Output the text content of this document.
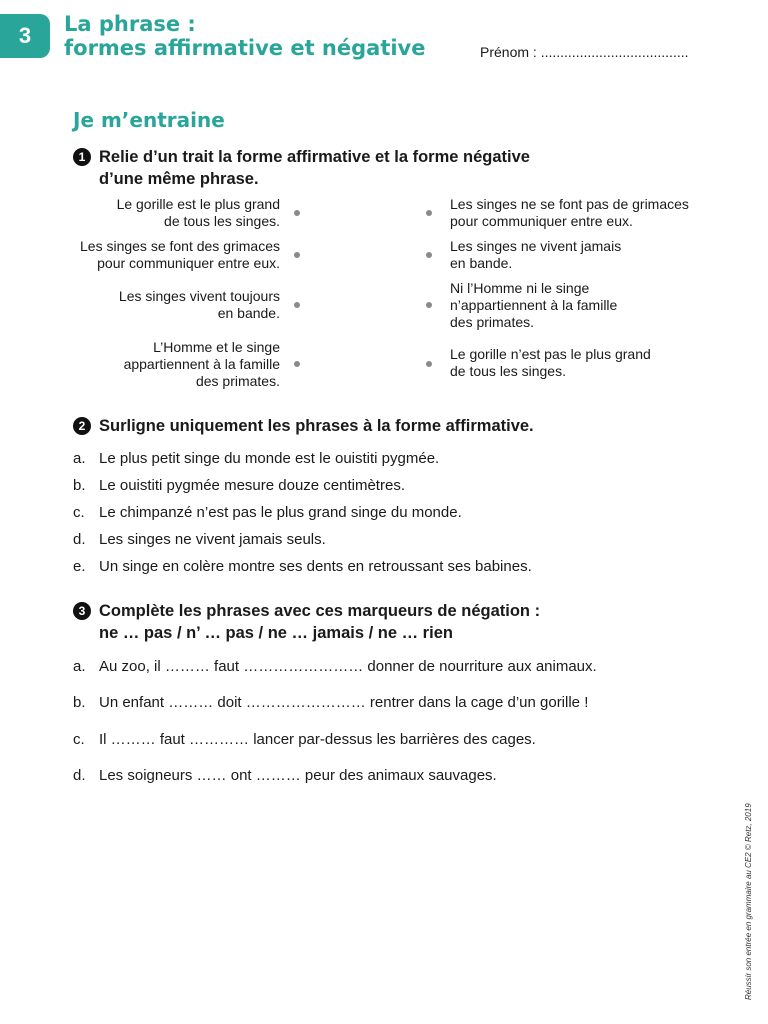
3 La phrase :
formes affirmative et négative	Prénom : ......................................
Je m’entraine
1 Relie d’un trait la forme affirmative et la forme négative
d’une même phrase.
Le gorille est le plus grand
de tous les singes.
Les singes se font des grimaces
pour communiquer entre eux.
Les singes vivent toujours
en bande.
L’Homme et le singe
appartiennent à la famille
des primates.
Les singes ne se font pas de grimaces
pour communiquer entre eux.
Les singes ne vivent jamais
en bande.
Ni l’Homme ni le singe
n’appartiennent à la famille
des primates.
Le gorille n’est pas le plus grand
de tous les singes.
2 Surligne uniquement les phrases à la forme affirmative.
a. Le plus petit singe du monde est le ouistiti pygmée.
b. Le ouistiti pygmée mesure douze centimètres.
c. Le chimpanzé n’est pas le plus grand singe du monde.
d. Les singes ne vivent jamais seuls.
e. Un singe en colère montre ses dents en retroussant ses babines.
3 Complète les phrases avec ces marqueurs de négation :
ne … pas / n’ … pas / ne … jamais / ne … rien
a. Au zoo, il ……… faut …………………… donner de nourriture aux animaux.
b. Un enfant ……… doit …………………… rentrer dans la cage d’un gorille !
c. Il ……… faut ………… lancer par-dessus les barrières des cages.
d. Les soigneurs …… ont ……… peur des animaux sauvages.
Réussir son entrée en grammaire au CE2 © Retz, 2019
